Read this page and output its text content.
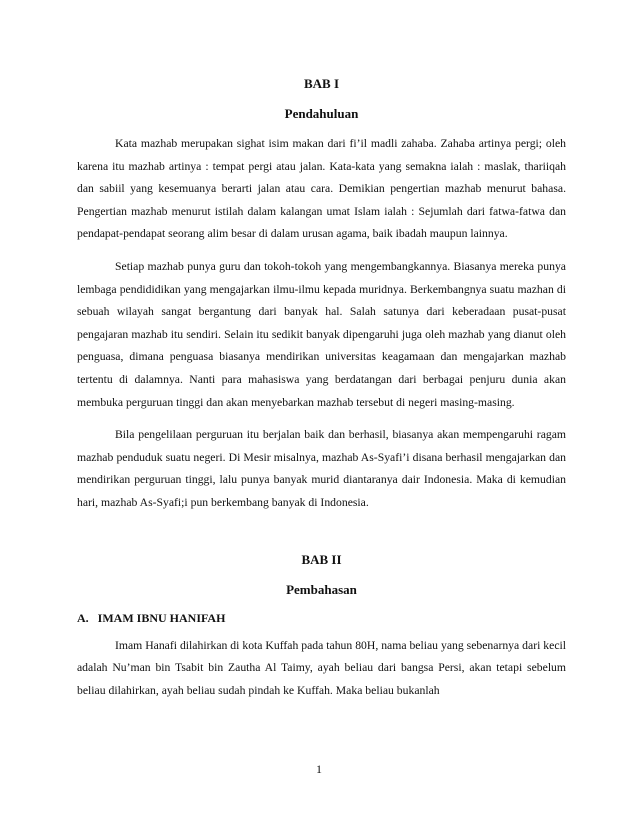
BAB I
Pendahuluan

Kata mazhab merupakan sighat isim makan dari fi’il madli zahaba. Zahaba artinya pergi; oleh karena itu mazhab artinya : tempat pergi atau jalan. Kata-kata yang semakna ialah : maslak, thariiqah dan sabiil yang kesemuanya berarti jalan atau cara. Demikian pengertian mazhab menurut bahasa. Pengertian mazhab menurut istilah dalam kalangan umat Islam ialah : Sejumlah dari fatwa-fatwa dan pendapat-pendapat seorang alim besar di dalam urusan agama, baik ibadah maupun lainnya.

Setiap mazhab punya guru dan tokoh-tokoh yang mengembangkannya. Biasanya mereka punya lembaga pendididikan yang mengajarkan ilmu-ilmu kepada muridnya. Berkembangnya suatu mazhan di sebuah wilayah sangat bergantung dari banyak hal. Salah satunya dari keberadaan pusat-pusat pengajaran mazhab itu sendiri. Selain itu sedikit banyak dipengaruhi juga oleh mazhab yang dianut oleh penguasa, dimana penguasa biasanya mendirikan universitas keagamaan dan mengajarkan mazhab tertentu di dalamnya. Nanti para mahasiswa yang berdatangan dari berbagai penjuru dunia akan membuka perguruan tinggi dan akan menyebarkan mazhab tersebut di negeri masing-masing.

Bila pengelilaan perguruan itu berjalan baik dan berhasil, biasanya akan mempengaruhi ragam mazhab penduduk suatu negeri. Di Mesir misalnya, mazhab As-Syafi’i disana berhasil mengajarkan dan mendirikan perguruan tinggi, lalu punya banyak murid diantaranya dair Indonesia. Maka di kemudian hari, mazhab As-Syafi;i pun berkembang banyak di Indonesia.

BAB II
Pembahasan
A.   IMAM IBNU HANIFAH

Imam Hanafi dilahirkan di kota Kuffah pada tahun 80H, nama beliau yang sebenarnya dari kecil adalah Nu’man bin Tsabit bin Zautha Al Taimy, ayah beliau dari bangsa Persi, akan tetapi sebelum beliau dilahirkan, ayah beliau sudah pindah ke Kuffah. Maka beliau bukanlah

1
